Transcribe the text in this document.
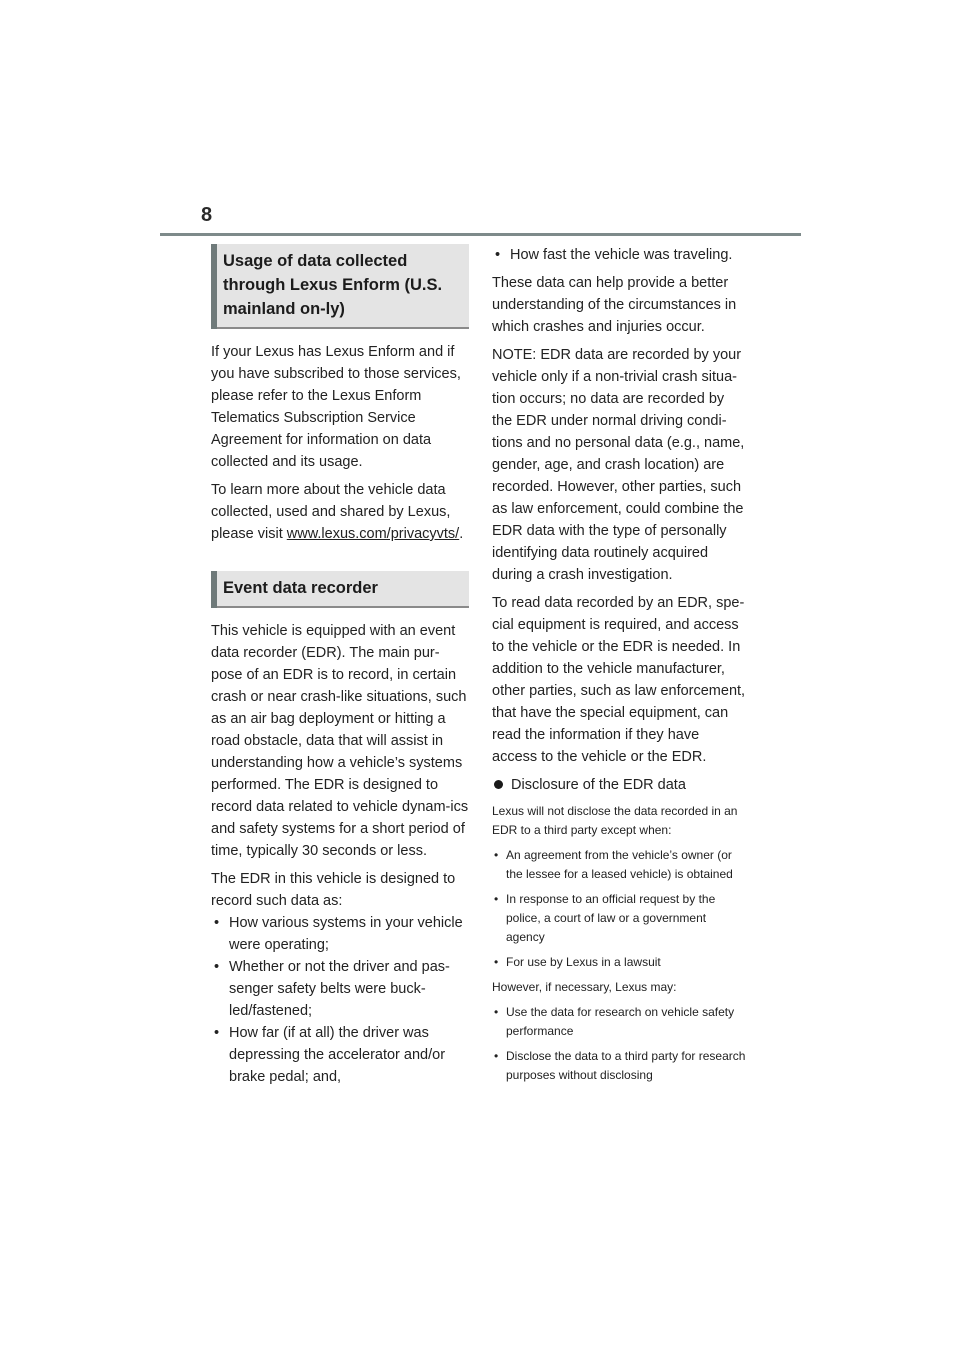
8
Usage of data collected through Lexus Enform (U.S. mainland on-ly)

If your Lexus has Lexus Enform and if you have subscribed to those services, please refer to the Lexus Enform Telematics Subscription Service Agreement for information on data collected and its usage.

To learn more about the vehicle data collected, used and shared by Lexus, please visit www.lexus.com/privacyvts/.

Event data recorder

This vehicle is equipped with an event data recorder (EDR). The main pur-pose of an EDR is to record, in certain crash or near crash-like situations, such as an air bag deployment or hitting a road obstacle, data that will assist in understanding how a vehicle’s systems performed. The EDR is designed to record data related to vehicle dynam-ics and safety systems for a short period of time, typically 30 seconds or less.

The EDR in this vehicle is designed to record such data as:

• How various systems in your vehicle were operating;
• Whether or not the driver and pas-senger safety belts were buck-led/fastened;
• How far (if at all) the driver was depressing the accelerator and/or brake pedal; and,
• How fast the vehicle was traveling.

These data can help provide a better understanding of the circumstances in which crashes and injuries occur.

NOTE: EDR data are recorded by your vehicle only if a non-trivial crash situa-tion occurs; no data are recorded by the EDR under normal driving condi-tions and no personal data (e.g., name, gender, age, and crash location) are recorded. However, other parties, such as law enforcement, could combine the EDR data with the type of personally identifying data routinely acquired during a crash investigation.

To read data recorded by an EDR, spe-cial equipment is required, and access to the vehicle or the EDR is needed. In addition to the vehicle manufacturer, other parties, such as law enforcement, that have the special equipment, can read the information if they have access to the vehicle or the EDR.

Disclosure of the EDR data

Lexus will not disclose the data recorded in an EDR to a third party except when:

• An agreement from the vehicle’s owner (or the lessee for a leased vehicle) is obtained
• In response to an official request by the police, a court of law or a government agency
• For use by Lexus in a lawsuit

However, if necessary, Lexus may:

• Use the data for research on vehicle safety performance
• Disclose the data to a third party for research purposes without disclosing
